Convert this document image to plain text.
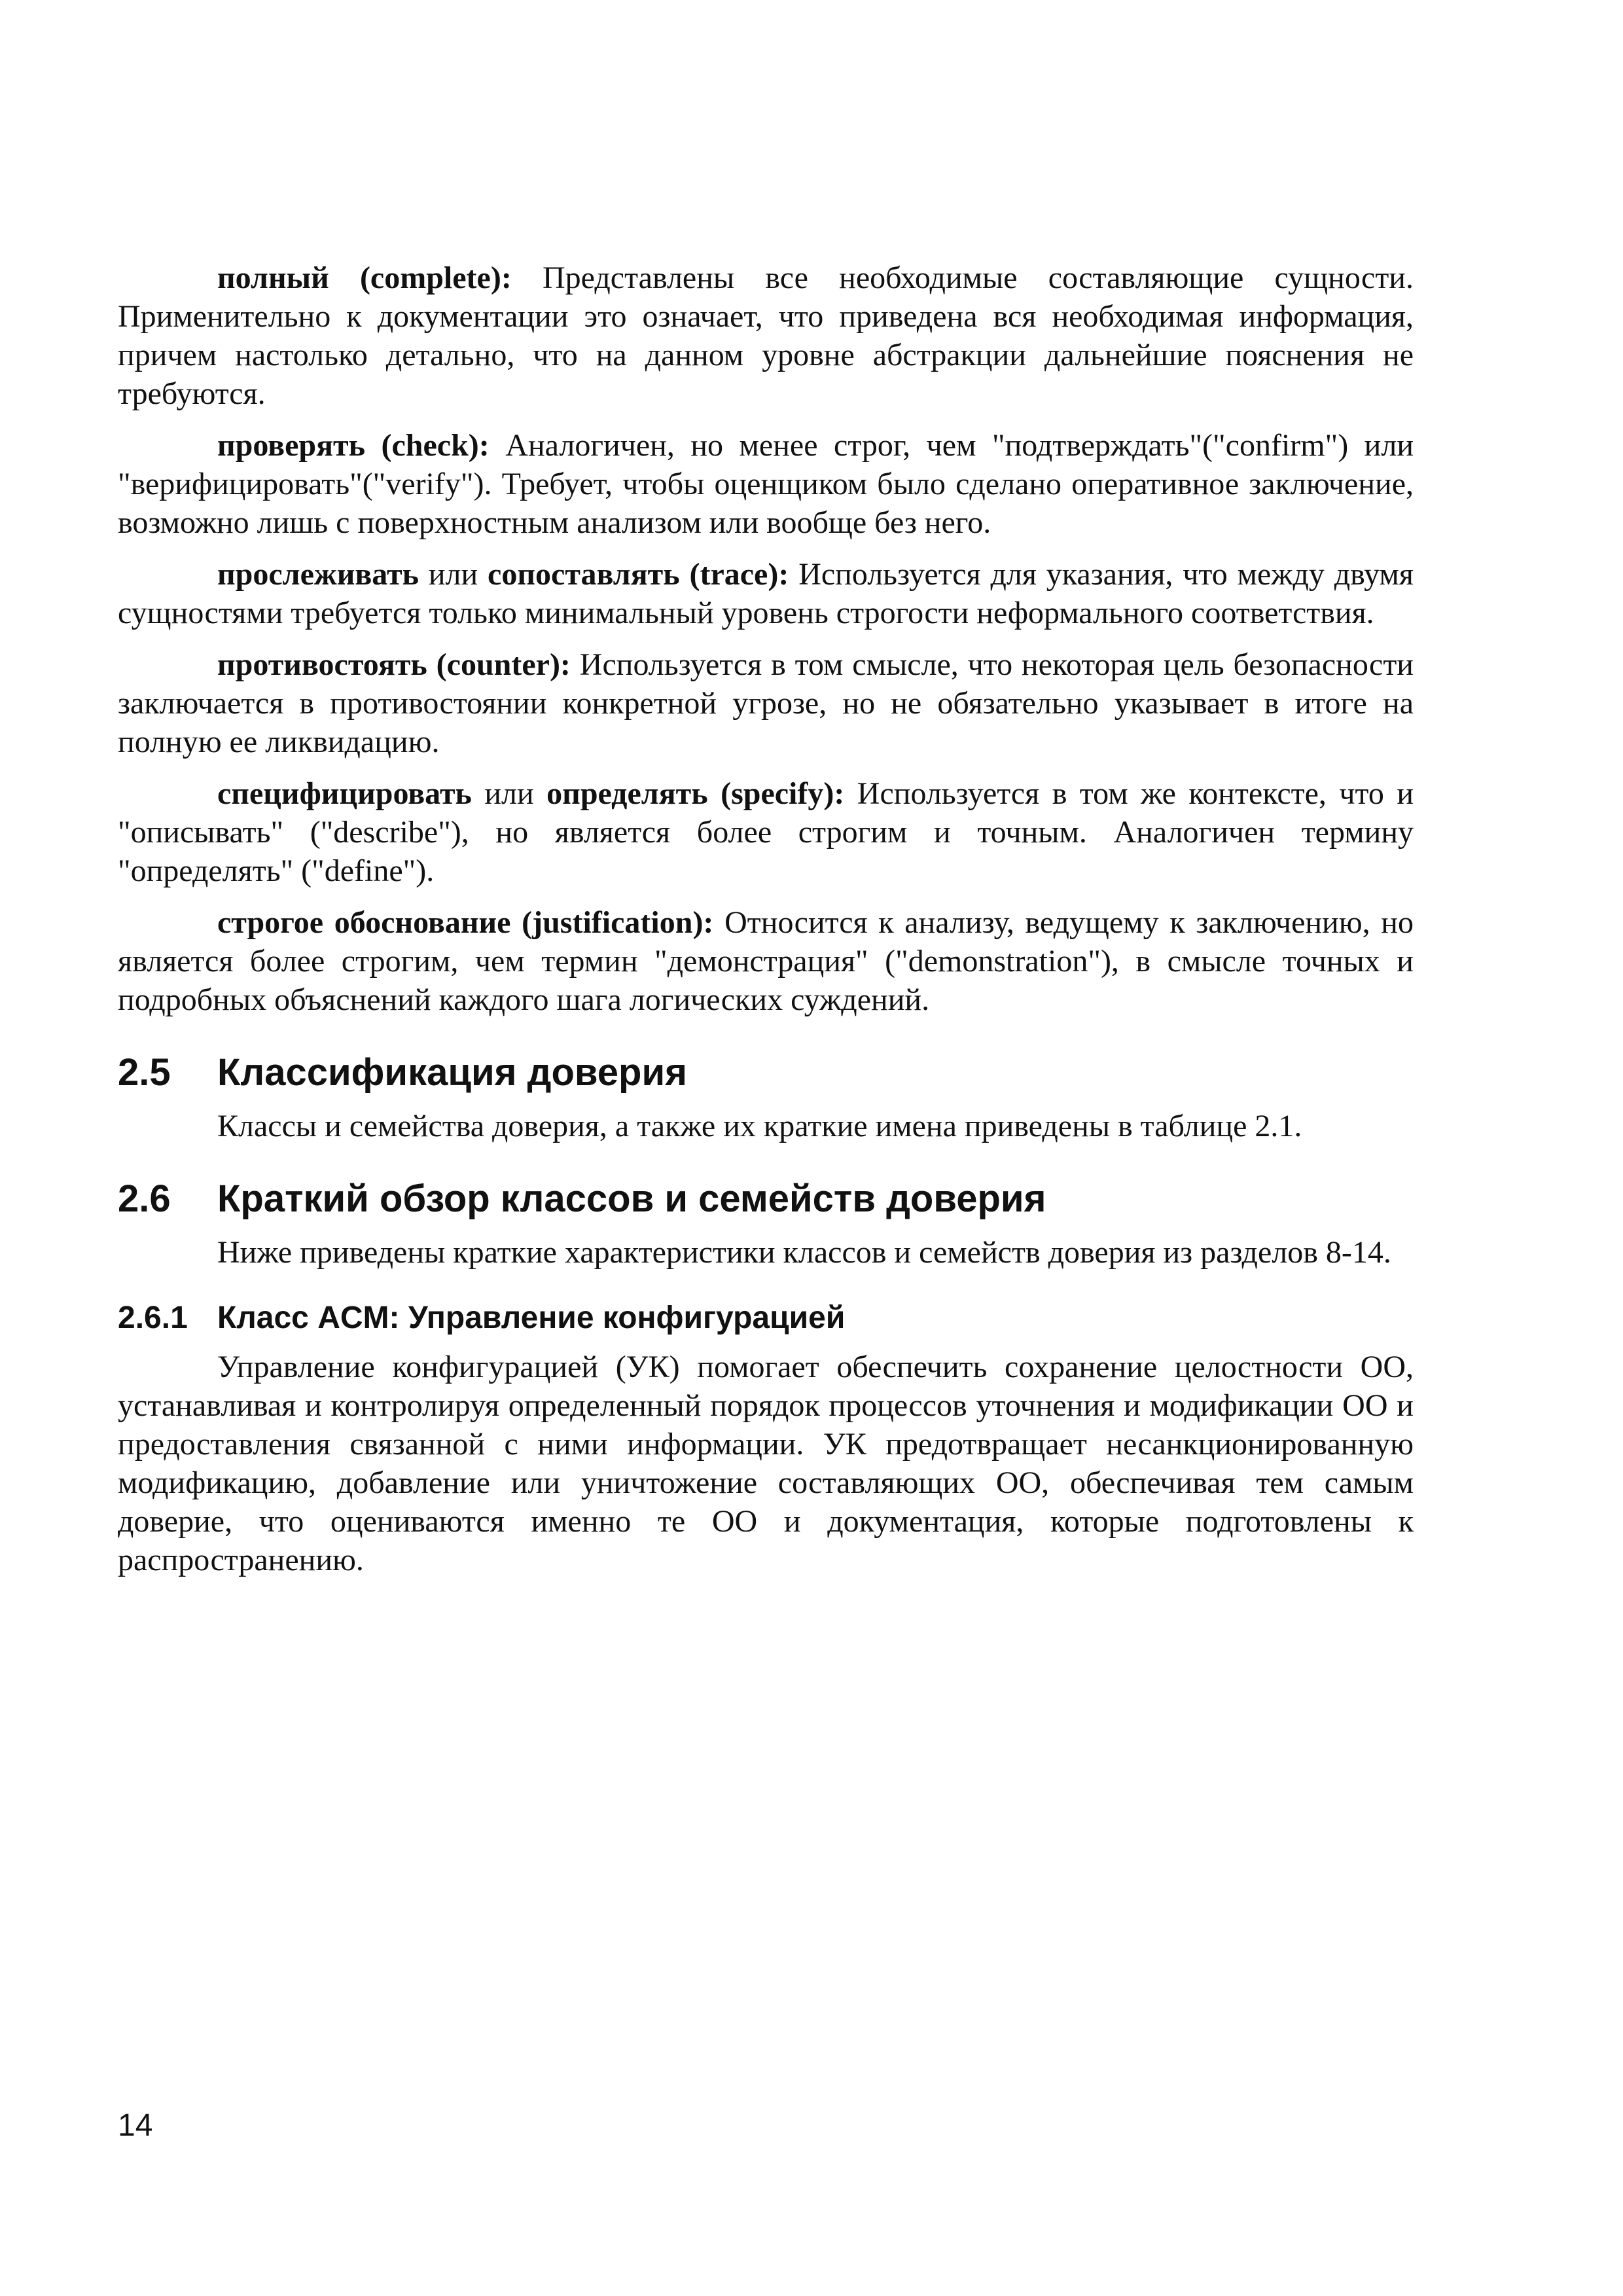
полный (complete): Представлены все необходимые составляющие сущности. Применительно к документации это означает, что приведена вся необходимая информация, причем настолько детально, что на данном уровне абстракции дальнейшие пояснения не требуются.

проверять (check): Аналогичен, но менее строг, чем "подтверждать"("confirm") или "верифицировать"("verify"). Требует, чтобы оценщиком было сделано оперативное заключение, возможно лишь с поверхностным анализом или вообще без него.

прослеживать или сопоставлять (trace): Используется для указания, что между двумя сущностями требуется только минимальный уровень строгости неформального соответствия.

противостоять (counter): Используется в том смысле, что некоторая цель безопасности заключается в противостоянии конкретной угрозе, но не обязательно указывает в итоге на полную ее ликвидацию.

специфицировать или определять (specify): Используется в том же контексте, что и "описывать" ("describe"), но является более строгим и точным. Аналогичен термину "определять" ("define").

строгое обоснование (justification): Относится к анализу, ведущему к заключению, но является более строгим, чем термин "демонстрация" ("demonstration"), в смысле точных и подробных объяснений каждого шага логических суждений.

2.5	Классификация доверия

Классы и семейства доверия, а также их краткие имена приведены в таблице 2.1.

2.6	Краткий обзор классов и семейств доверия

Ниже приведены краткие характеристики классов и семейств доверия из разделов 8-14.

2.6.1 Класс ACM: Управление конфигурацией

Управление конфигурацией (УК) помогает обеспечить сохранение целостности ОО, устанавливая и контролируя определенный порядок процессов уточнения и модификации ОО и предоставления связанной с ними информации. УК предотвращает несанкционированную модификацию, добавление или уничтожение составляющих ОО, обеспечивая тем самым доверие, что оцениваются именно те ОО и документация, которые подготовлены к распространению.

14
